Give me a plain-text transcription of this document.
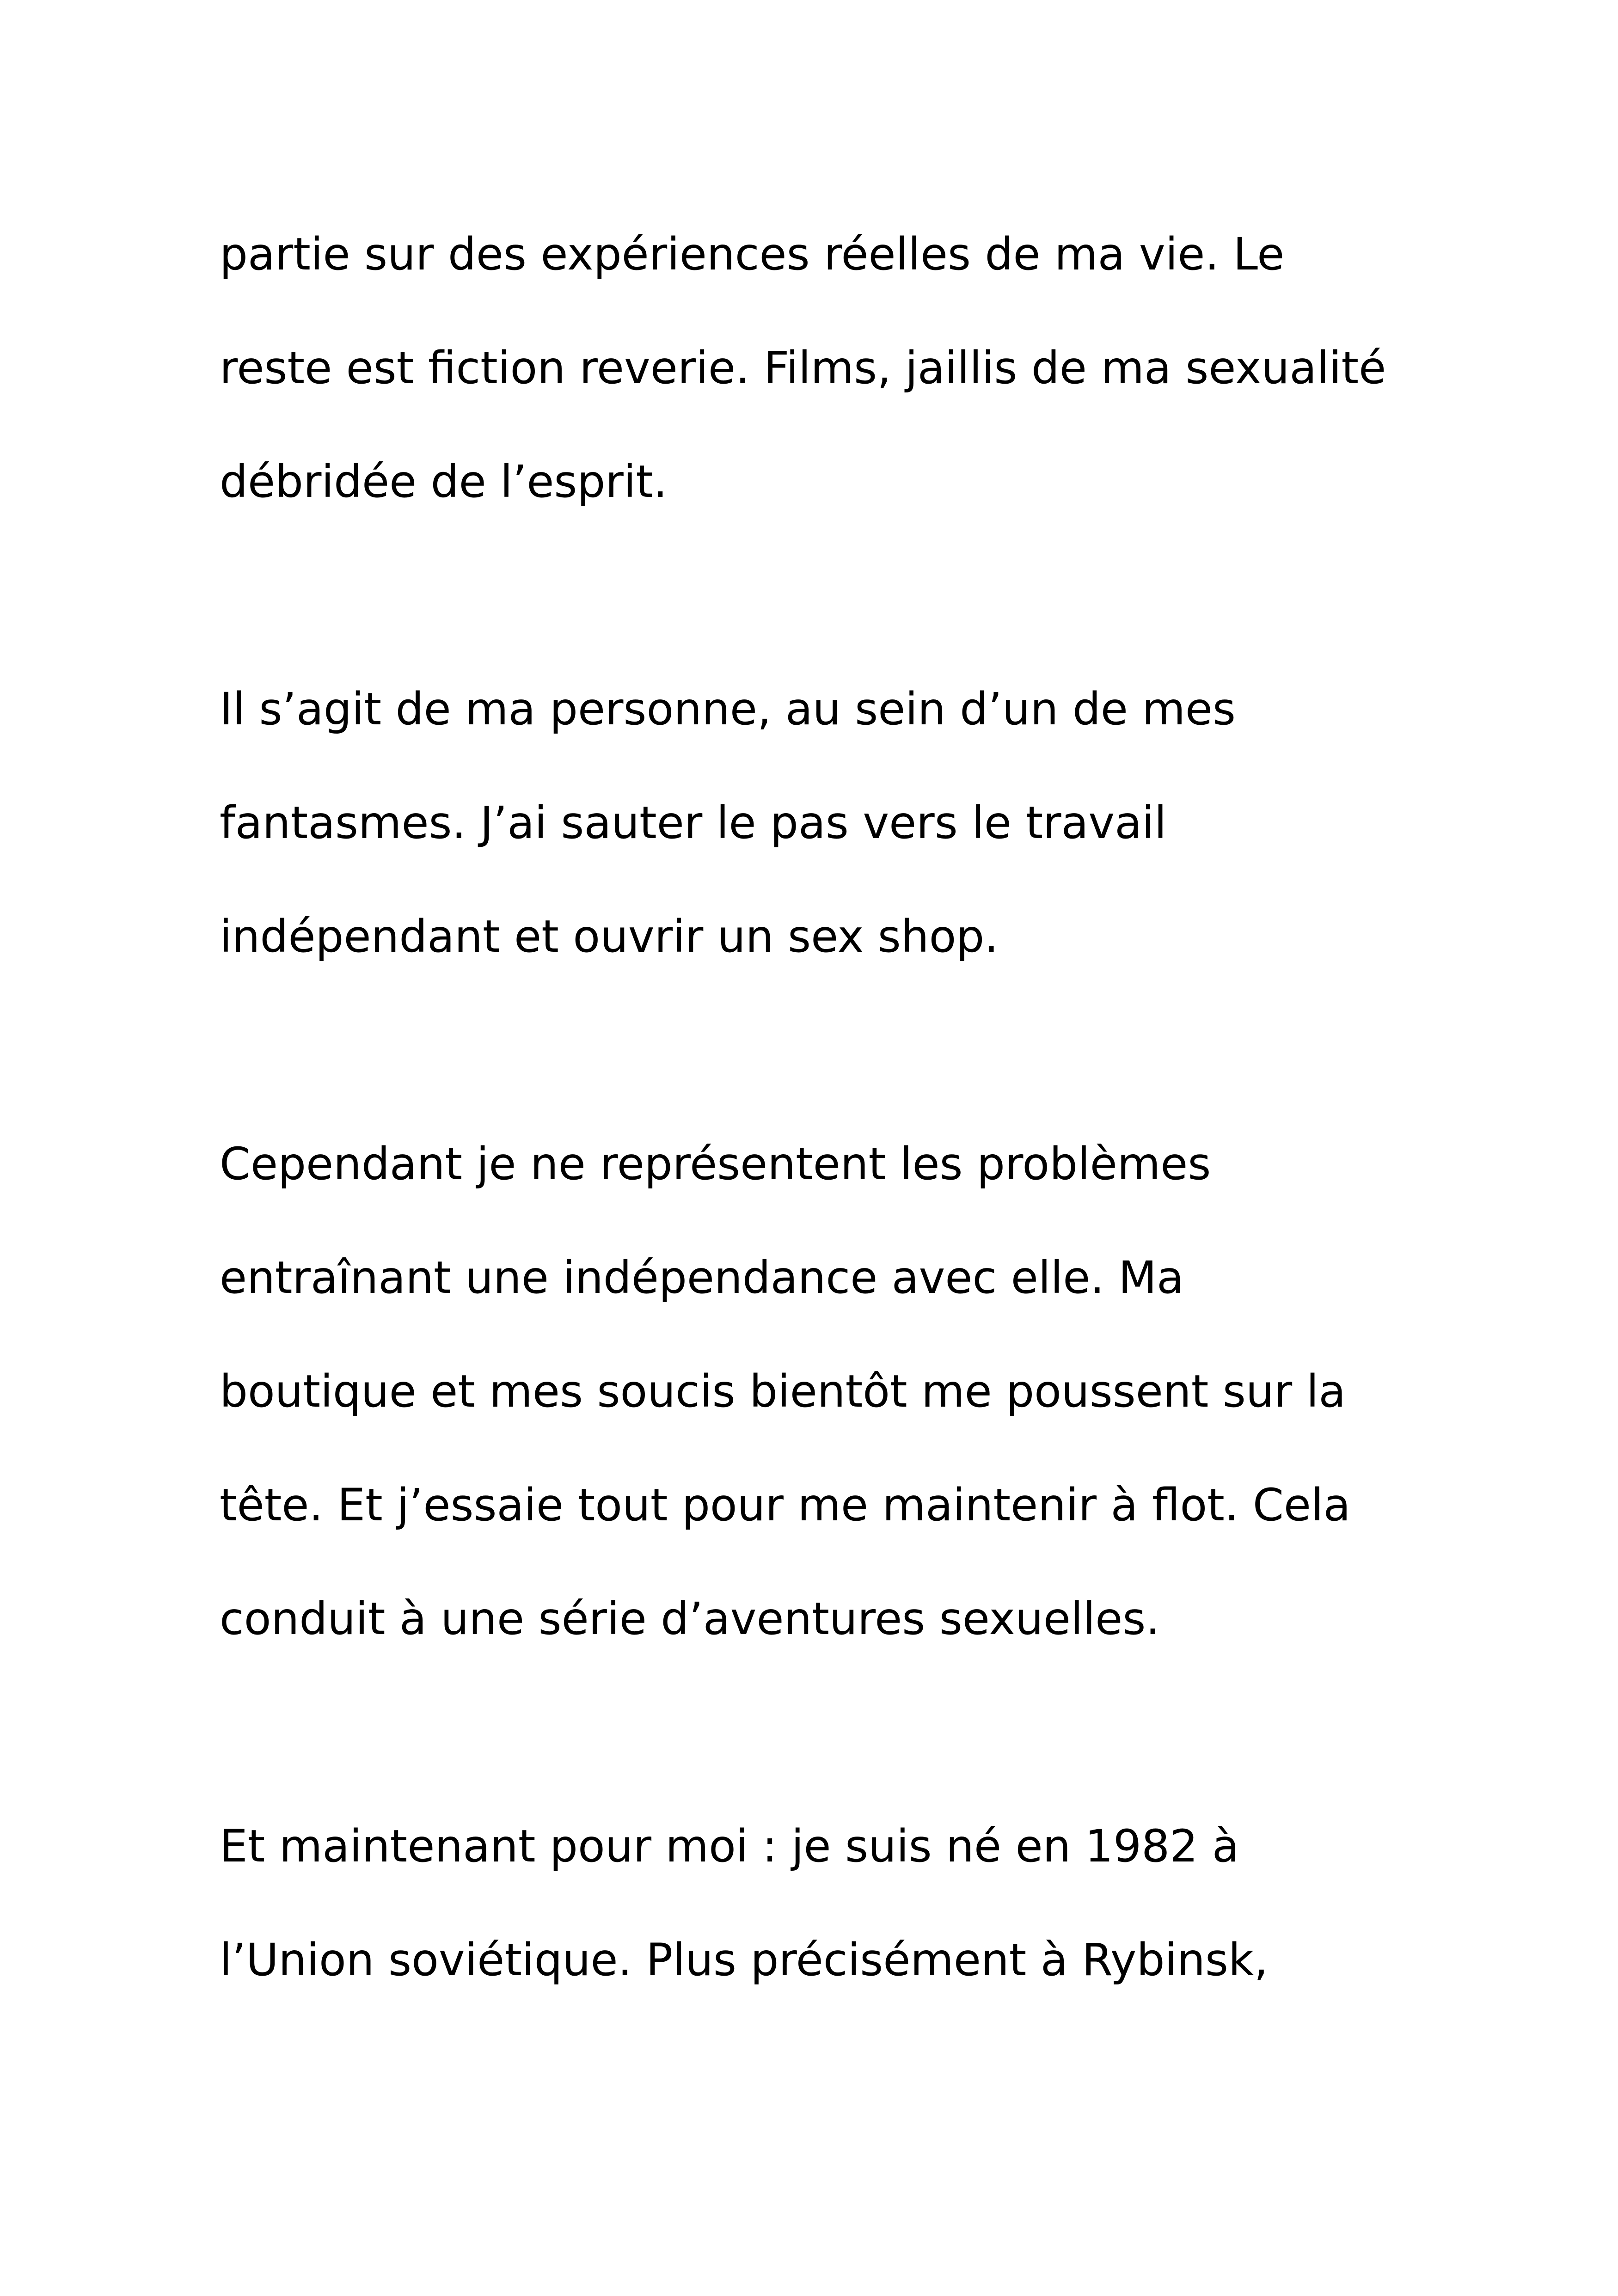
partie sur des expériences réelles de ma vie. Le
reste est fiction reverie. Films, jaillis de ma sexualité
débridée de l’esprit.

Il s’agit de ma personne, au sein d’un de mes
fantasmes. J’ai sauter le pas vers le travail
indépendant et ouvrir un sex shop.

Cependant je ne représentent les problèmes
entraînant une indépendance avec elle. Ma
boutique et mes soucis bientôt me poussent sur la
tête. Et j’essaie tout pour me maintenir à flot. Cela
conduit à une série d’aventures sexuelles.

Et maintenant pour moi : je suis né en 1982 à
l’Union soviétique. Plus précisément à Rybinsk,
